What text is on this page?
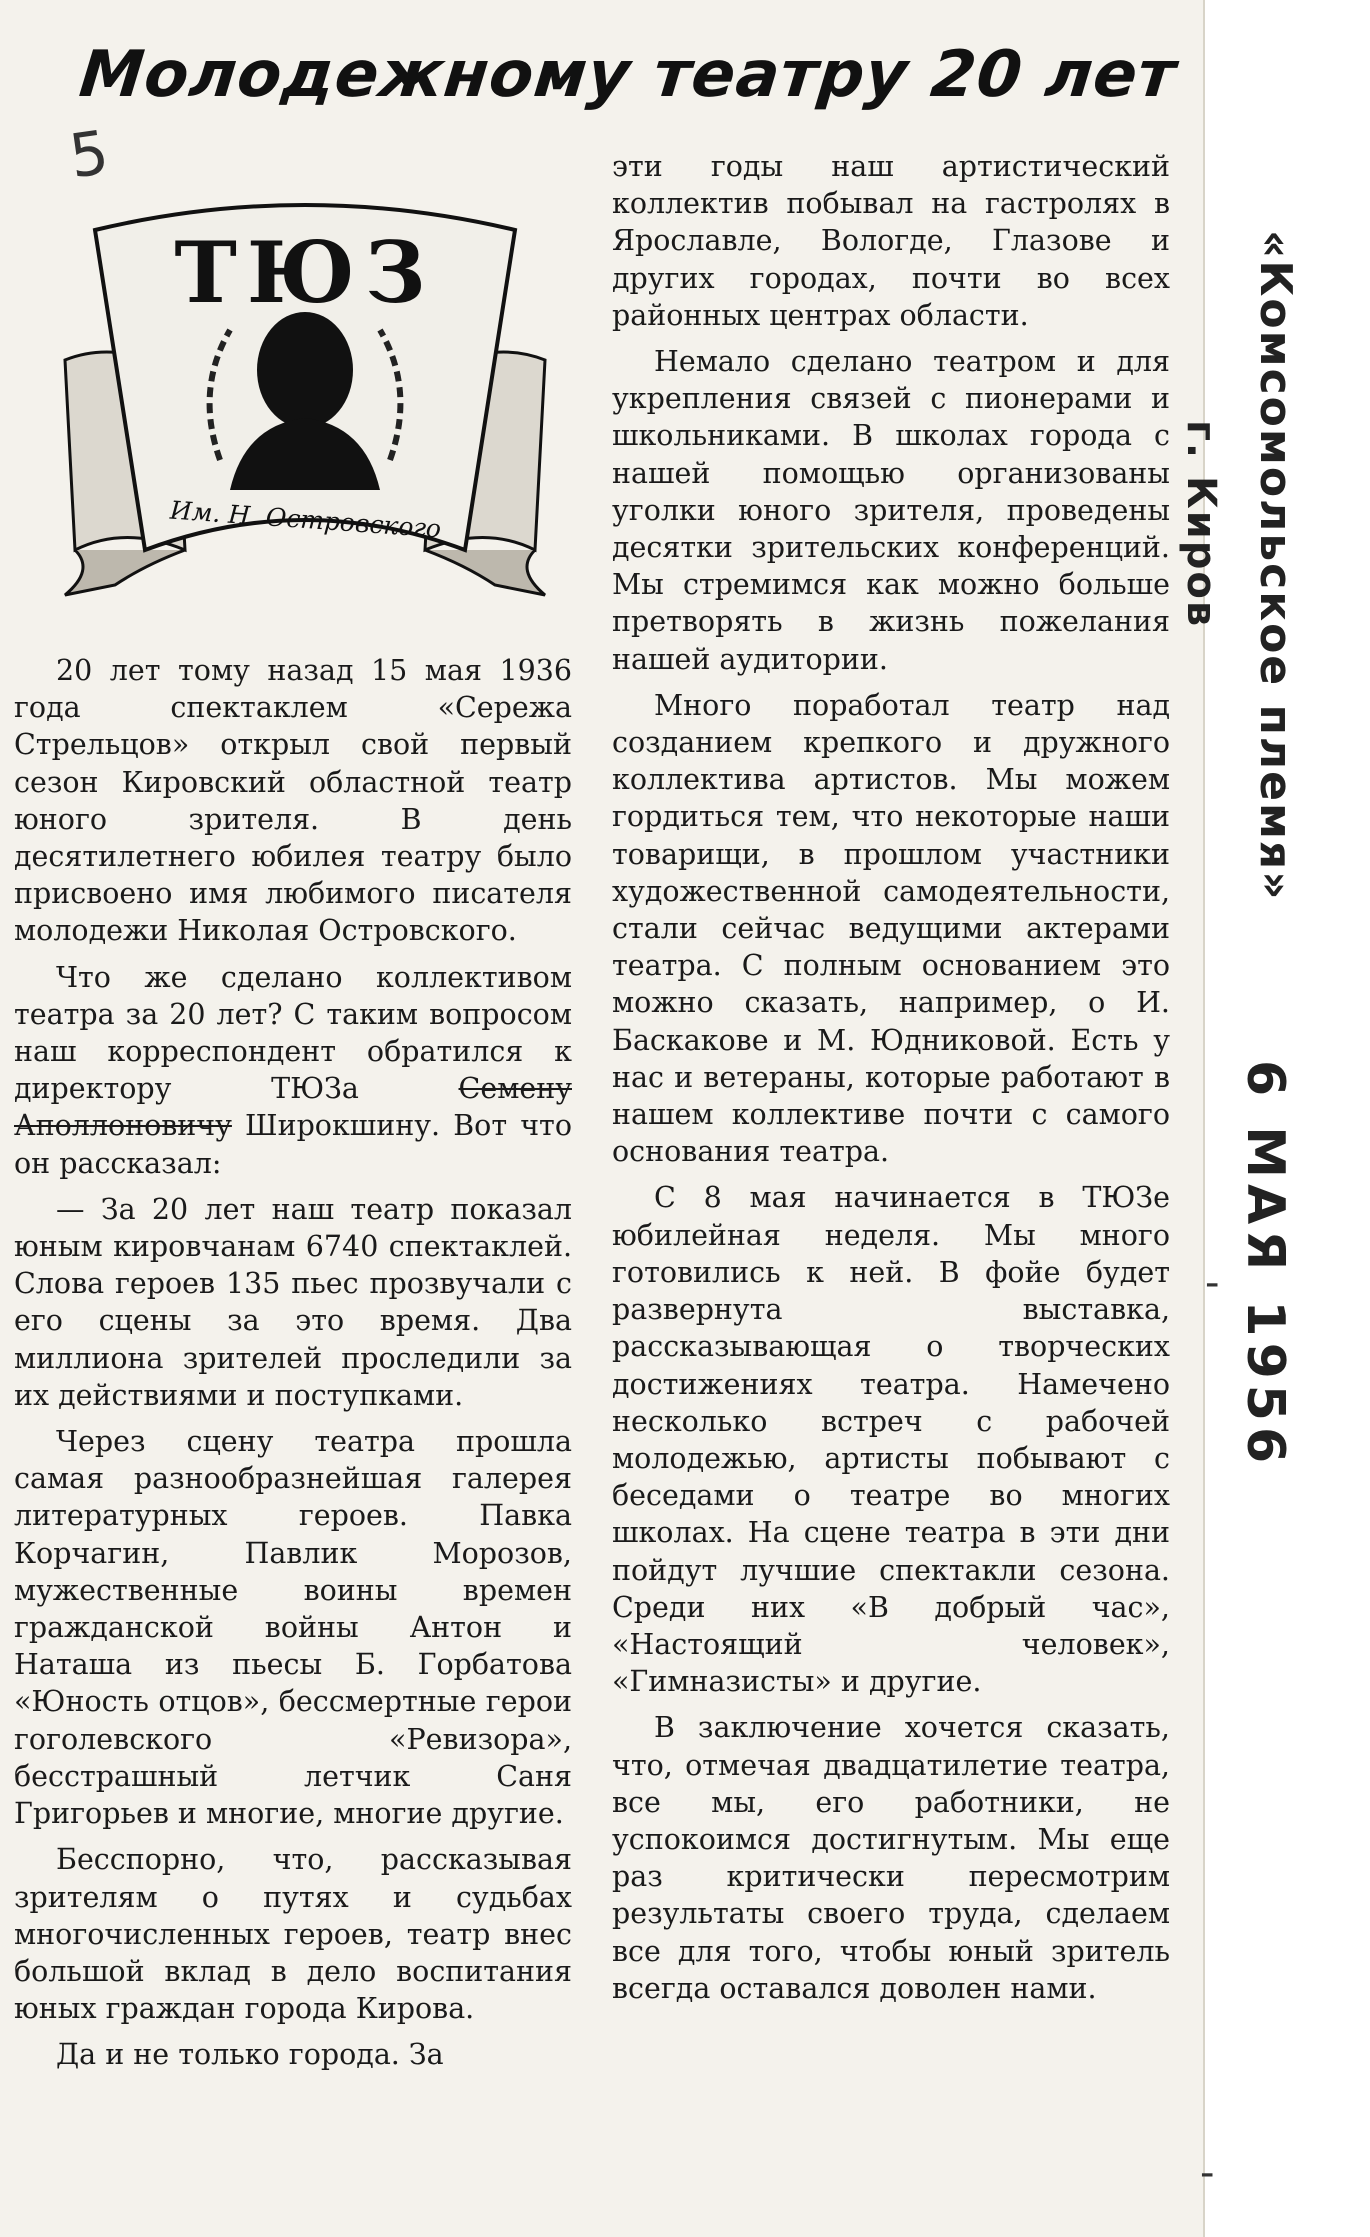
Молодежному театру 20 лет
5
ТЮЗ
Им. Н. Островского

20 лет тому назад 15 мая 1936 года спектаклем «Сережа Стрельцов» открыл свой первый сезон Кировский областной театр юного зрителя. В день десятилетнего юбилея театру было присвоено имя любимого писателя молодежи Николая Островского.

Что же сделано коллективом театра за 20 лет? С таким вопросом наш корреспондент обратился к директору ТЮЗа Семену Аполлоновичу Широкшину. Вот что он рассказал:

— За 20 лет наш театр показал юным кировчанам 6740 спектаклей. Слова героев 135 пьес прозвучали с его сцены за это время. Два миллиона зрителей проследили за их действиями и поступками.

Через сцену театра прошла самая разнообразнейшая галерея литературных героев. Павка Корчагин, Павлик Морозов, мужественные воины времен гражданской войны Антон и Наташа из пьесы Б. Горбатова «Юность отцов», бессмертные герои гоголевского «Ревизора», бесстрашный летчик Саня Григорьев и многие, многие другие.

Бесспорно, что, рассказывая зрителям о путях и судьбах многочисленных героев, театр внес большой вклад в дело воспитания юных граждан города Кирова.

Да и не только города. За

эти годы наш артистический коллектив побывал на гастролях в Ярославле, Вологде, Глазове и других городах, почти во всех районных центрах области.

Немало сделано театром и для укрепления связей с пионерами и школьниками. В школах города с нашей помощью организованы уголки юного зрителя, проведены десятки зрительских конференций. Мы стремимся как можно больше претворять в жизнь пожелания нашей аудитории.

Много поработал театр над созданием крепкого и дружного коллектива артистов. Мы можем гордиться тем, что некоторые наши товарищи, в прошлом участники художественной самодеятельности, стали сейчас ведущими актерами театра. С полным основанием это можно сказать, например, о И. Баскакове и М. Юдниковой. Есть у нас и ветераны, которые работают в нашем коллективе почти с самого основания театра.

С 8 мая начинается в ТЮЗе юбилейная неделя. Мы много готовились к ней. В фойе будет развернута выставка, рассказывающая о творческих достижениях театра. Намечено несколько встреч с рабочей молодежью, артисты побывают с беседами о театре во многих школах. На сцене театра в эти дни пойдут лучшие спектакли сезона. Среди них «В добрый час», «Настоящий человек», «Гимназисты» и другие.

В заключение хочется сказать, что, отмечая двадцатилетие театра, все мы, его работники, не успокоимся достигнутым. Мы еще раз критически пересмотрим результаты своего труда, сделаем все для того, чтобы юный зритель всегда оставался доволен нами.

«Комсомольское племя»
г. Киров
- 6 МАЯ 1956
-
